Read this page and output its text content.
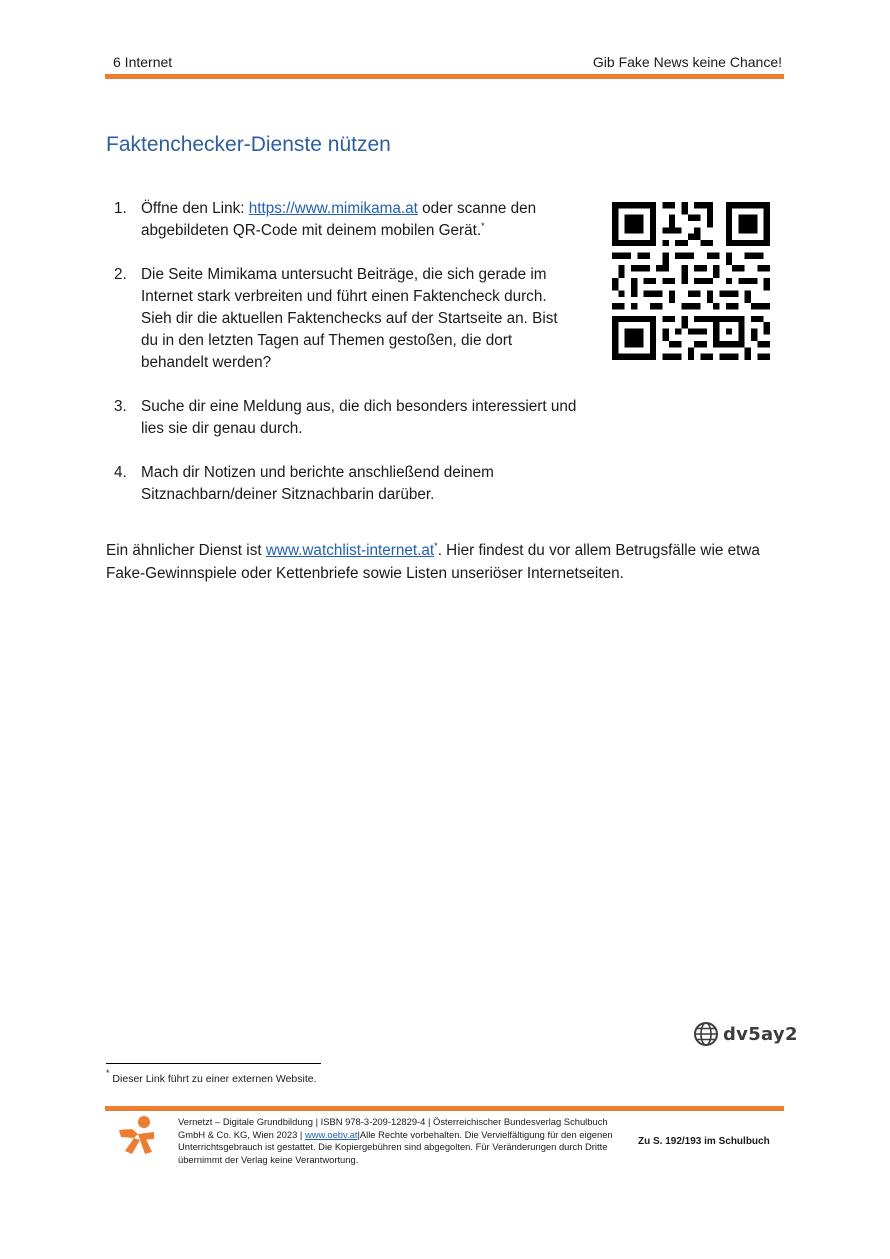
6 Internet	Gib Fake News keine Chance!
Faktenchecker-Dienste nützen
1. Öffne den Link: https://www.mimikama.at oder scanne den abgebildeten QR-Code mit deinem mobilen Gerät.*
2. Die Seite Mimikama untersucht Beiträge, die sich gerade im Internet stark verbreiten und führt einen Faktencheck durch. Sieh dir die aktuellen Faktenchecks auf der Startseite an. Bist du in den letzten Tagen auf Themen gestoßen, die dort behandelt werden?
3. Suche dir eine Meldung aus, die dich besonders interessiert und lies sie dir genau durch.
4. Mach dir Notizen und berichte anschließend deinem Sitznachbarn/deiner Sitznachbarin darüber.

Ein ähnlicher Dienst ist www.watchlist-internet.at*. Hier findest du vor allem Betrugsfälle wie etwa Fake-Gewinnspiele oder Kettenbriefe sowie Listen unseriöser Internetseiten.

dv5ay2
* Dieser Link führt zu einer externen Website.
Vernetzt – Digitale Grundbildung | ISBN 978-3-209-12829-4 | Österreichischer Bundesverlag Schulbuch GmbH & Co. KG, Wien 2023 | www.oebv.at|Alle Rechte vorbehalten. Die Vervielfältigung für den eigenen Unterrichtsgebrauch ist gestattet. Die Kopiergebühren sind abgegolten. Für Veränderungen durch Dritte übernimmt der Verlag keine Verantwortung.
Zu S. 192/193 im Schulbuch
